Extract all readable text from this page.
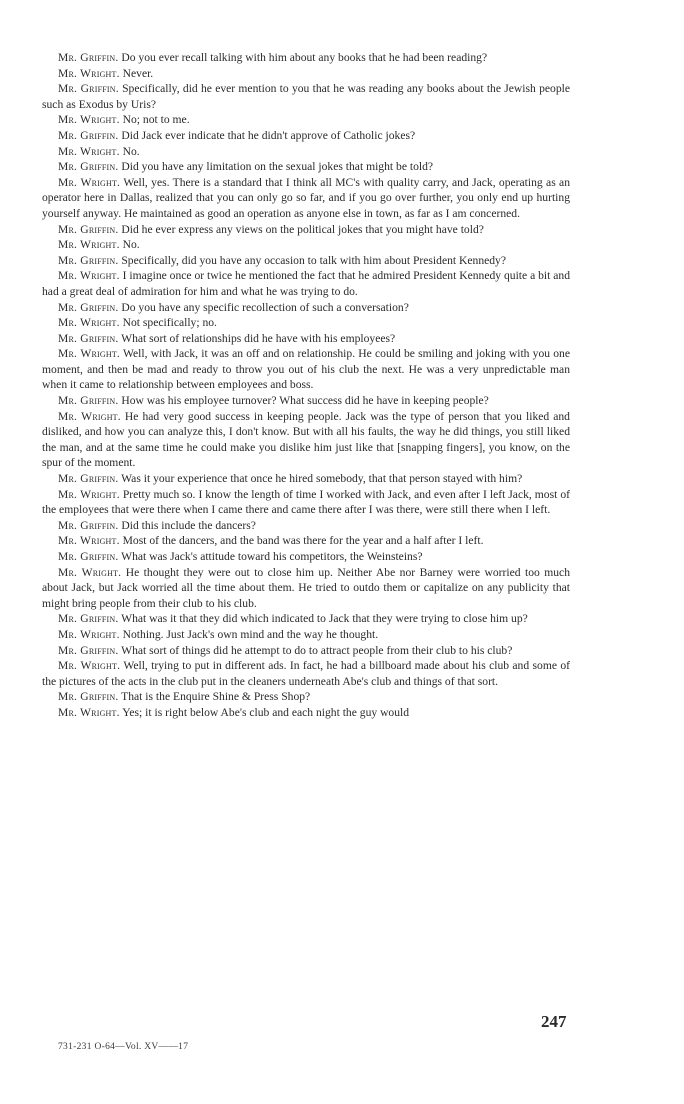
Mr. Griffin. Do you ever recall talking with him about any books that he had been reading?

Mr. Wright. Never.

Mr. Griffin. Specifically, did he ever mention to you that he was reading any books about the Jewish people such as Exodus by Uris?

Mr. Wright. No; not to me.

Mr. Griffin. Did Jack ever indicate that he didn't approve of Catholic jokes?

Mr. Wright. No.

Mr. Griffin. Did you have any limitation on the sexual jokes that might be told?

Mr. Wright. Well, yes. There is a standard that I think all MC's with quality carry, and Jack, operating as an operator here in Dallas, realized that you can only go so far, and if you go over further, you only end up hurting yourself anyway. He maintained as good an operation as anyone else in town, as far as I am concerned.

Mr. Griffin. Did he ever express any views on the political jokes that you might have told?

Mr. Wright. No.

Mr. Griffin. Specifically, did you have any occasion to talk with him about President Kennedy?

Mr. Wright. I imagine once or twice he mentioned the fact that he admired President Kennedy quite a bit and had a great deal of admiration for him and what he was trying to do.

Mr. Griffin. Do you have any specific recollection of such a conversation?

Mr. Wright. Not specifically; no.

Mr. Griffin. What sort of relationships did he have with his employees?

Mr. Wright. Well, with Jack, it was an off and on relationship. He could be smiling and joking with you one moment, and then be mad and ready to throw you out of his club the next. He was a very unpredictable man when it came to relationship between employees and boss.

Mr. Griffin. How was his employee turnover? What success did he have in keeping people?

Mr. Wright. He had very good success in keeping people. Jack was the type of person that you liked and disliked, and how you can analyze this, I don't know. But with all his faults, the way he did things, you still liked the man, and at the same time he could make you dislike him just like that [snapping fingers], you know, on the spur of the moment.

Mr. Griffin. Was it your experience that once he hired somebody, that that person stayed with him?

Mr. Wright. Pretty much so. I know the length of time I worked with Jack, and even after I left Jack, most of the employees that were there when I came there and came there after I was there, were still there when I left.

Mr. Griffin. Did this include the dancers?

Mr. Wright. Most of the dancers, and the band was there for the year and a half after I left.

Mr. Griffin. What was Jack's attitude toward his competitors, the Weinsteins?

Mr. Wright. He thought they were out to close him up. Neither Abe nor Barney were worried too much about Jack, but Jack worried all the time about them. He tried to outdo them or capitalize on any publicity that might bring people from their club to his club.

Mr. Griffin. What was it that they did which indicated to Jack that they were trying to close him up?

Mr. Wright. Nothing. Just Jack's own mind and the way he thought.

Mr. Griffin. What sort of things did he attempt to do to attract people from their club to his club?

Mr. Wright. Well, trying to put in different ads. In fact, he had a billboard made about his club and some of the pictures of the acts in the club put in the cleaners underneath Abe's club and things of that sort.

Mr. Griffin. That is the Enquire Shine & Press Shop?

Mr. Wright. Yes; it is right below Abe's club and each night the guy would

247
731-231 O-64—Vol. XV——17
